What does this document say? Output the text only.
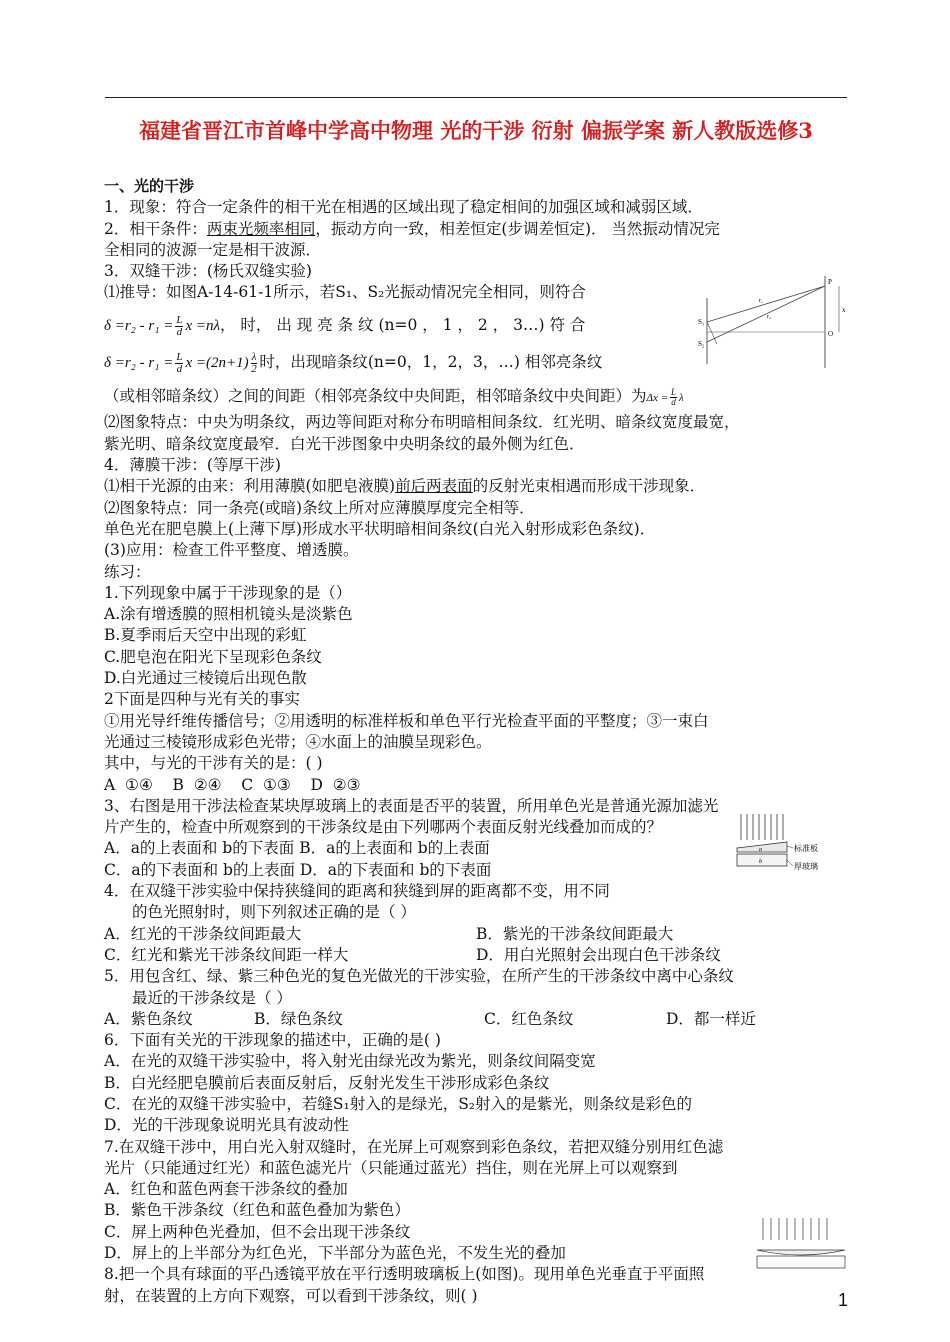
福建省晋江市首峰中学高中物理 光的干涉 衍射 偏振学案 新人教版选修3
一、光的干涉
1．现象：符合一定条件的相干光在相遇的区域出现了稳定相间的加强区域和减弱区域．
2．相干条件：两束光频率相同，振动方向一致，相差恒定(步调差恒定)． 当然振动情况完
全相同的波源一定是相干波源．
3．双缝干涉：(杨氏双缝实验)
⑴推导：如图A-14-61-1所示，若S₁、S₂光振动情况完全相同，则符合
$\delta =r_2 - r_1 = \frac{L}{d}$ x =nλ， 时， 出 现 亮 条 纹 (n=0 ， 1 ， 2 ， 3…) 符 合
$\delta =r_2 - r_1 = \frac{L}{d}$ $x =(2n+1) \frac{\lambda}{2}$ 时，出现暗条纹(n=0，1，2，3，…) 相邻亮条纹
（或相邻暗条纹）之间的间距（相邻亮条纹中央间距，相邻暗条纹中央间距）为$\Delta x = \frac{L}{d}$ λ
⑵图象特点：中央为明条纹，两边等间距对称分布明暗相间条纹．红光明、暗条纹宽度最宽，
紫光明、暗条纹宽度最窄．白光干涉图象中央明条纹的最外侧为红色．
4．薄膜干涉：(等厚干涉)
⑴相干光源的由来：利用薄膜(如肥皂液膜)前后两表面的反射光束相遇而形成干涉现象．
⑵图象特点：同一条亮(或暗)条纹上所对应薄膜厚度完全相等．
单色光在肥皂膜上(上薄下厚)形成水平状明暗相间条纹(白光入射形成彩色条纹)．
(3)应用：检查工件平整度、增透膜。
练习：
1.下列现象中属于干涉现象的是（）
A.涂有增透膜的照相机镜头是淡紫色
B.夏季雨后天空中出现的彩虹
C.肥皂泡在阳光下呈现彩色条纹
D.白光通过三棱镜后出现色散
2下面是四种与光有关的事实
①用光导纤维传播信号；②用透明的标准样板和单色平行光检查平面的平整度；③一束白
光通过三棱镜形成彩色光带；④水面上的油膜呈现彩色。
其中，与光的干涉有关的是：( )
A  ①④    B  ②④    C  ①③    D  ②③
3、右图是用干涉法检查某块厚玻璃上的表面是否平的装置，所用单色光是普通光源加滤光
片产生的，检查中所观察到的干涉条纹是由下列哪两个表面反射光线叠加而成的？
A．a的上表面和 b的下表面 B．a的上表面和 b的上表面
C．a的下表面和 b的上表面 D．a的下表面和 b的下表面
4．在双缝干涉实验中保持狭缝间的距离和狭缝到屏的距离都不变，用不同
的色光照射时，则下列叙述正确的是（ ）
A．红光的干涉条纹间距最大	B．紫光的干涉条纹间距最大
C．红光和紫光干涉条纹间距一样大	D．用白光照射会出现白色干涉条纹
5．用包含红、绿、紫三种色光的复色光做光的干涉实验，在所产生的干涉条纹中离中心条纹
最近的干涉条纹是（ ）
A．紫色条纹	B．绿色条纹	C．红色条纹	D．都一样近
6．下面有关光的干涉现象的描述中，正确的是( )
A．在光的双缝干涉实验中，将入射光由绿光改为紫光，则条纹间隔变宽
B．白光经肥皂膜前后表面反射后，反射光发生干涉形成彩色条纹
C．在光的双缝干涉实验中，若缝S₁射入的是绿光，S₂射入的是紫光，则条纹是彩色的
D．光的干涉现象说明光具有波动性
7.在双缝干涉中，用白光入射双缝时，在光屏上可观察到彩色条纹，若把双缝分别用红色滤
光片（只能通过红光）和蓝色滤光片（只能通过蓝光）挡住，则在光屏上可以观察到
A．红色和蓝色两套干涉条纹的叠加
B．紫色干涉条纹（红色和蓝色叠加为紫色）
C．屏上两种色光叠加，但不会出现干涉条纹
D．屏上的上半部分为红色光，下半部分为蓝色光，不发生光的叠加
8.把一个具有球面的平凸透镜平放在平行透明玻璃板上(如图)。现用单色光垂直于平面照
射，在装置的上方向下观察，可以看到干涉条纹，则( )
S₁
S₂
P
O
x
r₁
r₂
a
b
标准板
厚玻璃
1
